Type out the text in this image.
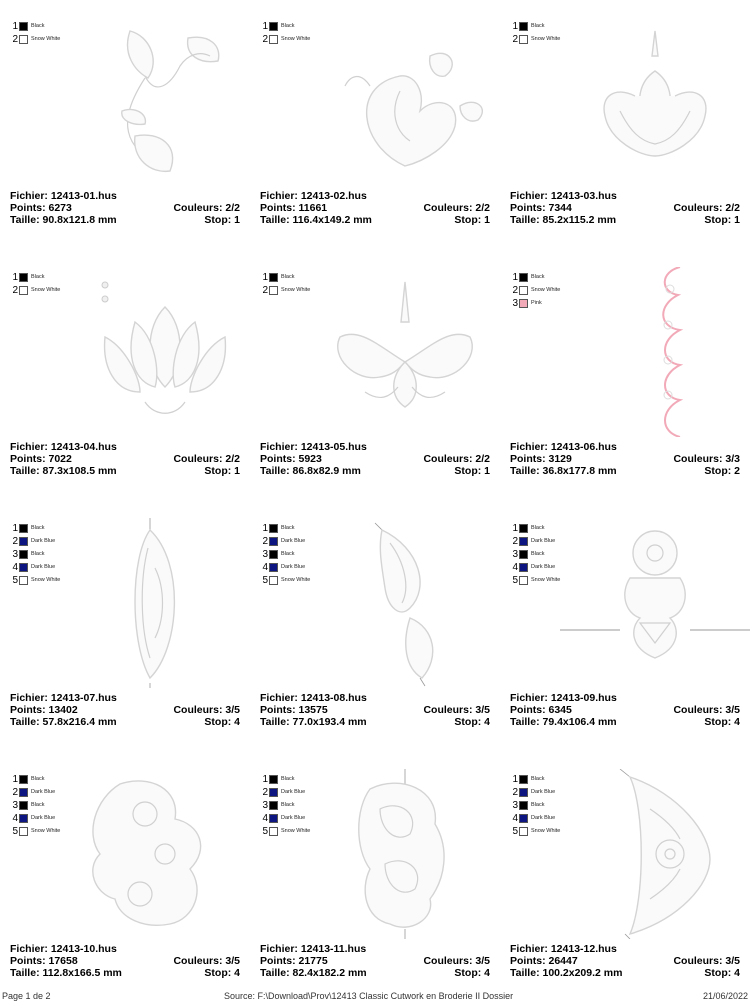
1 Black
2 Snow White
Fichier: 12413-01.hus
Points: 6273	Couleurs: 2/2
Taille: 90.8x121.8 mm	Stop: 1
1 Black
2 Snow White
Fichier: 12413-02.hus
Points: 11661	Couleurs: 2/2
Taille: 116.4x149.2 mm	Stop: 1
1 Black
2 Snow White
Fichier: 12413-03.hus
Points: 7344	Couleurs: 2/2
Taille: 85.2x115.2 mm	Stop: 1
1 Black
2 Snow White
Fichier: 12413-04.hus
Points: 7022	Couleurs: 2/2
Taille: 87.3x108.5 mm	Stop: 1
1 Black
2 Snow White
Fichier: 12413-05.hus
Points: 5923	Couleurs: 2/2
Taille: 86.8x82.9 mm	Stop: 1
1 Black
2 Snow White
3 Pink
Fichier: 12413-06.hus
Points: 3129	Couleurs: 3/3
Taille: 36.8x177.8 mm	Stop: 2
1 Black
2 Dark Blue
3 Black
4 Dark Blue
5 Snow White
Fichier: 12413-07.hus
Points: 13402	Couleurs: 3/5
Taille: 57.8x216.4 mm	Stop: 4
1 Black
2 Dark Blue
3 Black
4 Dark Blue
5 Snow White
Fichier: 12413-08.hus
Points: 13575	Couleurs: 3/5
Taille: 77.0x193.4 mm	Stop: 4
1 Black
2 Dark Blue
3 Black
4 Dark Blue
5 Snow White
Fichier: 12413-09.hus
Points: 6345	Couleurs: 3/5
Taille: 79.4x106.4 mm	Stop: 4
1 Black
2 Dark Blue
3 Black
4 Dark Blue
5 Snow White
Fichier: 12413-10.hus
Points: 17658	Couleurs: 3/5
Taille: 112.8x166.5 mm	Stop: 4
1 Black
2 Dark Blue
3 Black
4 Dark Blue
5 Snow White
Fichier: 12413-11.hus
Points: 21775	Couleurs: 3/5
Taille: 82.4x182.2 mm	Stop: 4
1 Black
2 Dark Blue
3 Black
4 Dark Blue
5 Snow White
Fichier: 12413-12.hus
Points: 26447	Couleurs: 3/5
Taille: 100.2x209.2 mm	Stop: 4
Page 1 de 2	Source: F:\Download\Prov\12413 Classic Cutwork en Broderie II Dossier	21/06/2022
